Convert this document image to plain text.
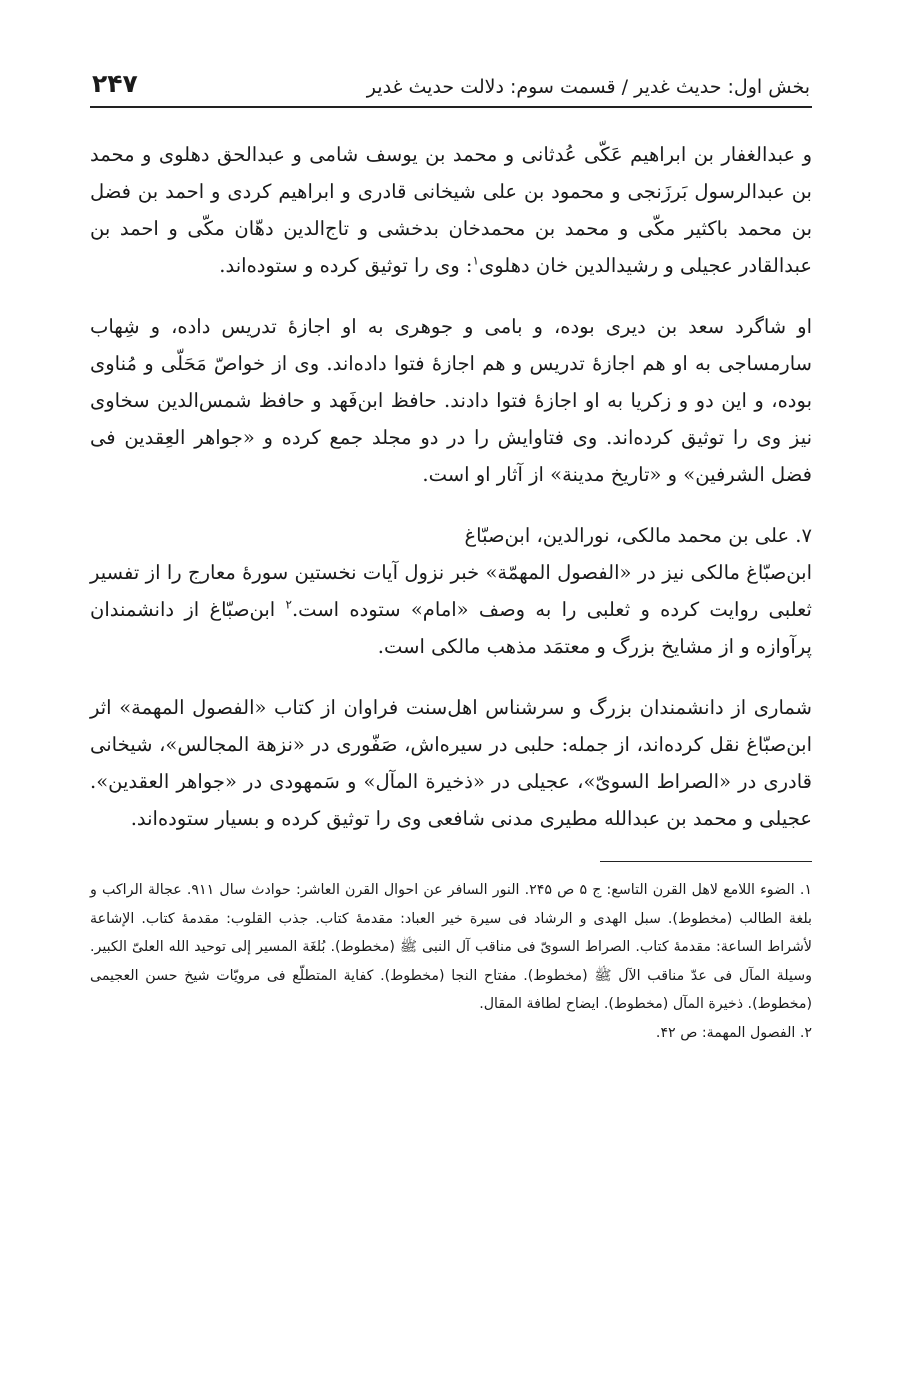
بخش اول: حدیث غدیر / قسمت سوم: دلالت حدیث غدیر
۲۴۷

و عبدالغفار بن ابراهیم عَکّی عُدثانی و محمد بن یوسف شامی و عبدالحق دهلوی و محمد بن عبدالرسول بَرزَنجی و محمود بن علی شیخانی قادری و ابراهیم کردی و احمد بن فضل بن محمد باکثیر مکّی و محمد بن محمدخان بدخشی و تاج‌الدین دهّان مکّی و احمد بن عبدالقادر عجیلی و رشیدالدین خان دهلوی$^۱$: وی را توثیق کرده و ستوده‌اند.

او شاگرد سعد بن دیری بوده، و بامی و جوهری به او اجازهٔ تدریس داده، و شِهاب سارمساجی به او هم اجازهٔ تدریس و هم اجازهٔ فتوا داده‌اند. وی از خواصّ مَحَلّی و مُناوی بوده، و این دو و زکریا به او اجازهٔ فتوا دادند. حافظ ابن‌فَهد و حافظ شمس‌الدین سخاوی نیز وی را توثیق کرده‌اند. وی فتاوایش را در دو مجلد جمع کرده و «جواهر العِقدین فی فضل الشرفین» و «تاریخ مدینة» از آثار او است.

۷. علی بن محمد مالکی، نورالدین، ابن‌صبّاغ

ابن‌صبّاغ مالکی نیز در «الفصول المهمّة» خبر نزول آیات نخستین سورهٔ معارج را از تفسیر ثعلبی روایت کرده و ثعلبی را به وصف «امام» ستوده است.$^۲$ ابن‌صبّاغ از دانشمندان پرآوازه و از مشایخ بزرگ و معتمَد مذهب مالکی است.

شماری از دانشمندان بزرگ و سرشناس اهل‌سنت فراوان از کتاب «الفصول المهمة» اثر ابن‌صبّاغ نقل کرده‌اند، از جمله: حلبی در سیره‌اش، صَفّوری در «نزهة المجالس»، شیخانی قادری در «الصراط السویّ»، عجیلی در «ذخیرة المآل» و سَمهودی در «جواهر العقدین». عجیلی و محمد بن عبدالله مطیری مدنی شافعی وی را توثیق کرده و بسیار ستوده‌اند.

۱. الضوء اللامع لاهل القرن التاسع: ج ۵ ص ۲۴۵. النور السافر عن احوال القرن العاشر: حوادث سال ۹۱۱. عجالة الراکب و بلغة الطالب (مخطوط). سبل الهدی و الرشاد فی سیرة خیر العباد: مقدمهٔ کتاب. جذب القلوب: مقدمهٔ کتاب. الإشاعة لأشراط الساعة: مقدمهٔ کتاب. الصراط السویّ فی مناقب آل النبی ﷺ (مخطوط). بُلغَة المسیر إلی توحید الله العلیّ الکبیر. وسیلة المآل فی عدّ مناقب الآل ﷺ (مخطوط). مفتاح النجا (مخطوط). کفایة المتطلّع فی مرویّات شیخ حسن العجیمی (مخطوط). ذخیرة المآل (مخطوط). ایضاح لطافة المقال.

۲. الفصول المهمة: ص ۴۲.
